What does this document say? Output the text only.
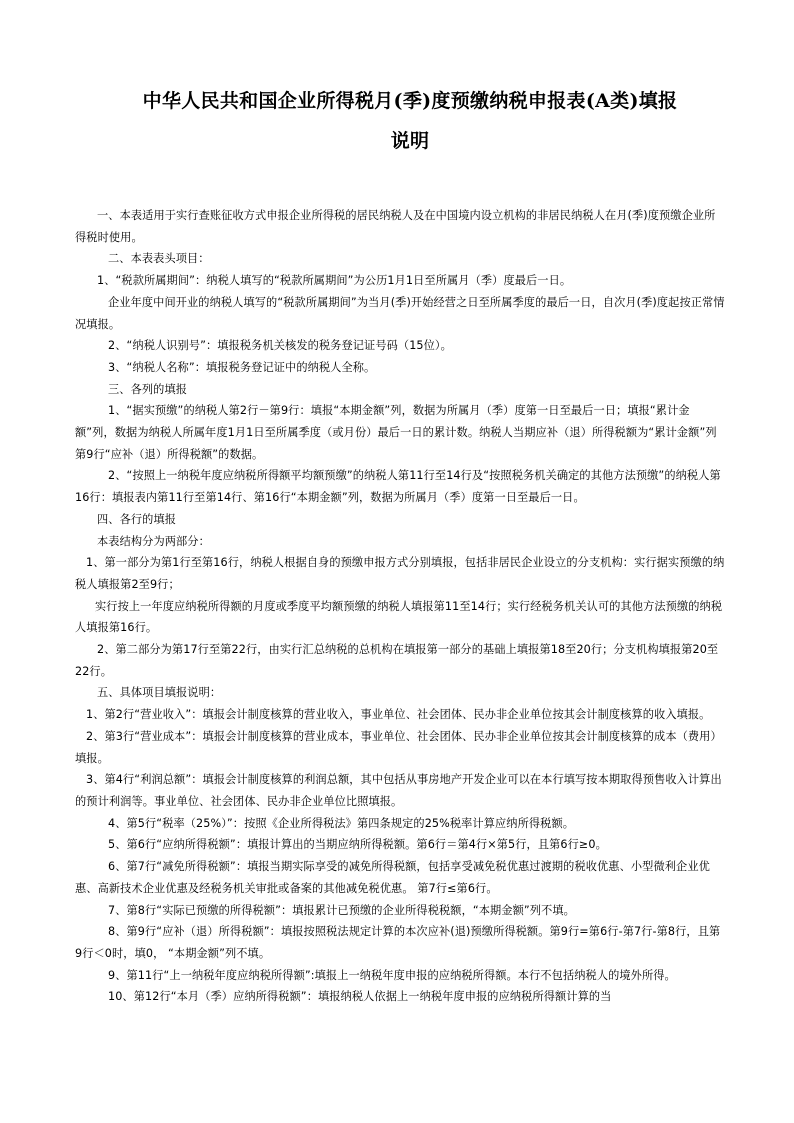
中华人民共和国企业所得税月(季)度预缴纳税申报表(A类)填报
说明

一、本表适用于实行查账征收方式申报企业所得税的居民纳税人及在中国境内设立机构的非居民纳税人在月(季)度预缴企业所得税时使用。

二、本表表头项目：

1、“税款所属期间”：纳税人填写的“税款所属期间”为公历1月1日至所属月（季）度最后一日。

企业年度中间开业的纳税人填写的“税款所属期间”为当月(季)开始经营之日至所属季度的最后一日，自次月(季)度起按正常情况填报。

2、“纳税人识别号”：填报税务机关核发的税务登记证号码（15位）。

3、“纳税人名称”：填报税务登记证中的纳税人全称。

三、各列的填报

1、“据实预缴”的纳税人第2行－第9行：填报“本期金额”列，数据为所属月（季）度第一日至最后一日；填报“累计金额”列，数据为纳税人所属年度1月1日至所属季度（或月份）最后一日的累计数。纳税人当期应补（退）所得税额为“累计金额”列第9行“应补（退）所得税额”的数据。

2、“按照上一纳税年度应纳税所得额平均额预缴”的纳税人第11行至14行及“按照税务机关确定的其他方法预缴”的纳税人第16行：填报表内第11行至第14行、第16行“本期金额”列，数据为所属月（季）度第一日至最后一日。

四、各行的填报

本表结构分为两部分：

1、第一部分为第1行至第16行，纳税人根据自身的预缴申报方式分别填报，包括非居民企业设立的分支机构：实行据实预缴的纳税人填报第2至9行；

实行按上一年度应纳税所得额的月度或季度平均额预缴的纳税人填报第11至14行；实行经税务机关认可的其他方法预缴的纳税人填报第16行。

2、第二部分为第17行至第22行，由实行汇总纳税的总机构在填报第一部分的基础上填报第18至20行；分支机构填报第20至22行。

五、具体项目填报说明：

1、第2行“营业收入”：填报会计制度核算的营业收入，事业单位、社会团体、民办非企业单位按其会计制度核算的收入填报。

2、第3行“营业成本”：填报会计制度核算的营业成本，事业单位、社会团体、民办非企业单位按其会计制度核算的成本（费用）填报。

3、第4行“利润总额”：填报会计制度核算的利润总额，其中包括从事房地产开发企业可以在本行填写按本期取得预售收入计算出的预计利润等。事业单位、社会团体、民办非企业单位比照填报。

4、第5行“税率（25%）”：按照《企业所得税法》第四条规定的25%税率计算应纳所得税额。

5、第6行“应纳所得税额”：填报计算出的当期应纳所得税额。第6行＝第4行×第5行，且第6行≥0。

6、第7行“减免所得税额”：填报当期实际享受的减免所得税额，包括享受减免税优惠过渡期的税收优惠、小型微利企业优惠、高新技术企业优惠及经税务机关审批或备案的其他减免税优惠。 第7行≤第6行。

7、第8行“实际已预缴的所得税额”：填报累计已预缴的企业所得税税额，“本期金额”列不填。

8、第9行“应补（退）所得税额”：填报按照税法规定计算的本次应补(退)预缴所得税额。第9行=第6行-第7行-第8行，且第9行＜0时，填0， “本期金额”列不填。

9、第11行“上一纳税年度应纳税所得额”:填报上一纳税年度申报的应纳税所得额。本行不包括纳税人的境外所得。

10、第12行“本月（季）应纳所得税额”：填报纳税人依据上一纳税年度申报的应纳税所得额计算的当
